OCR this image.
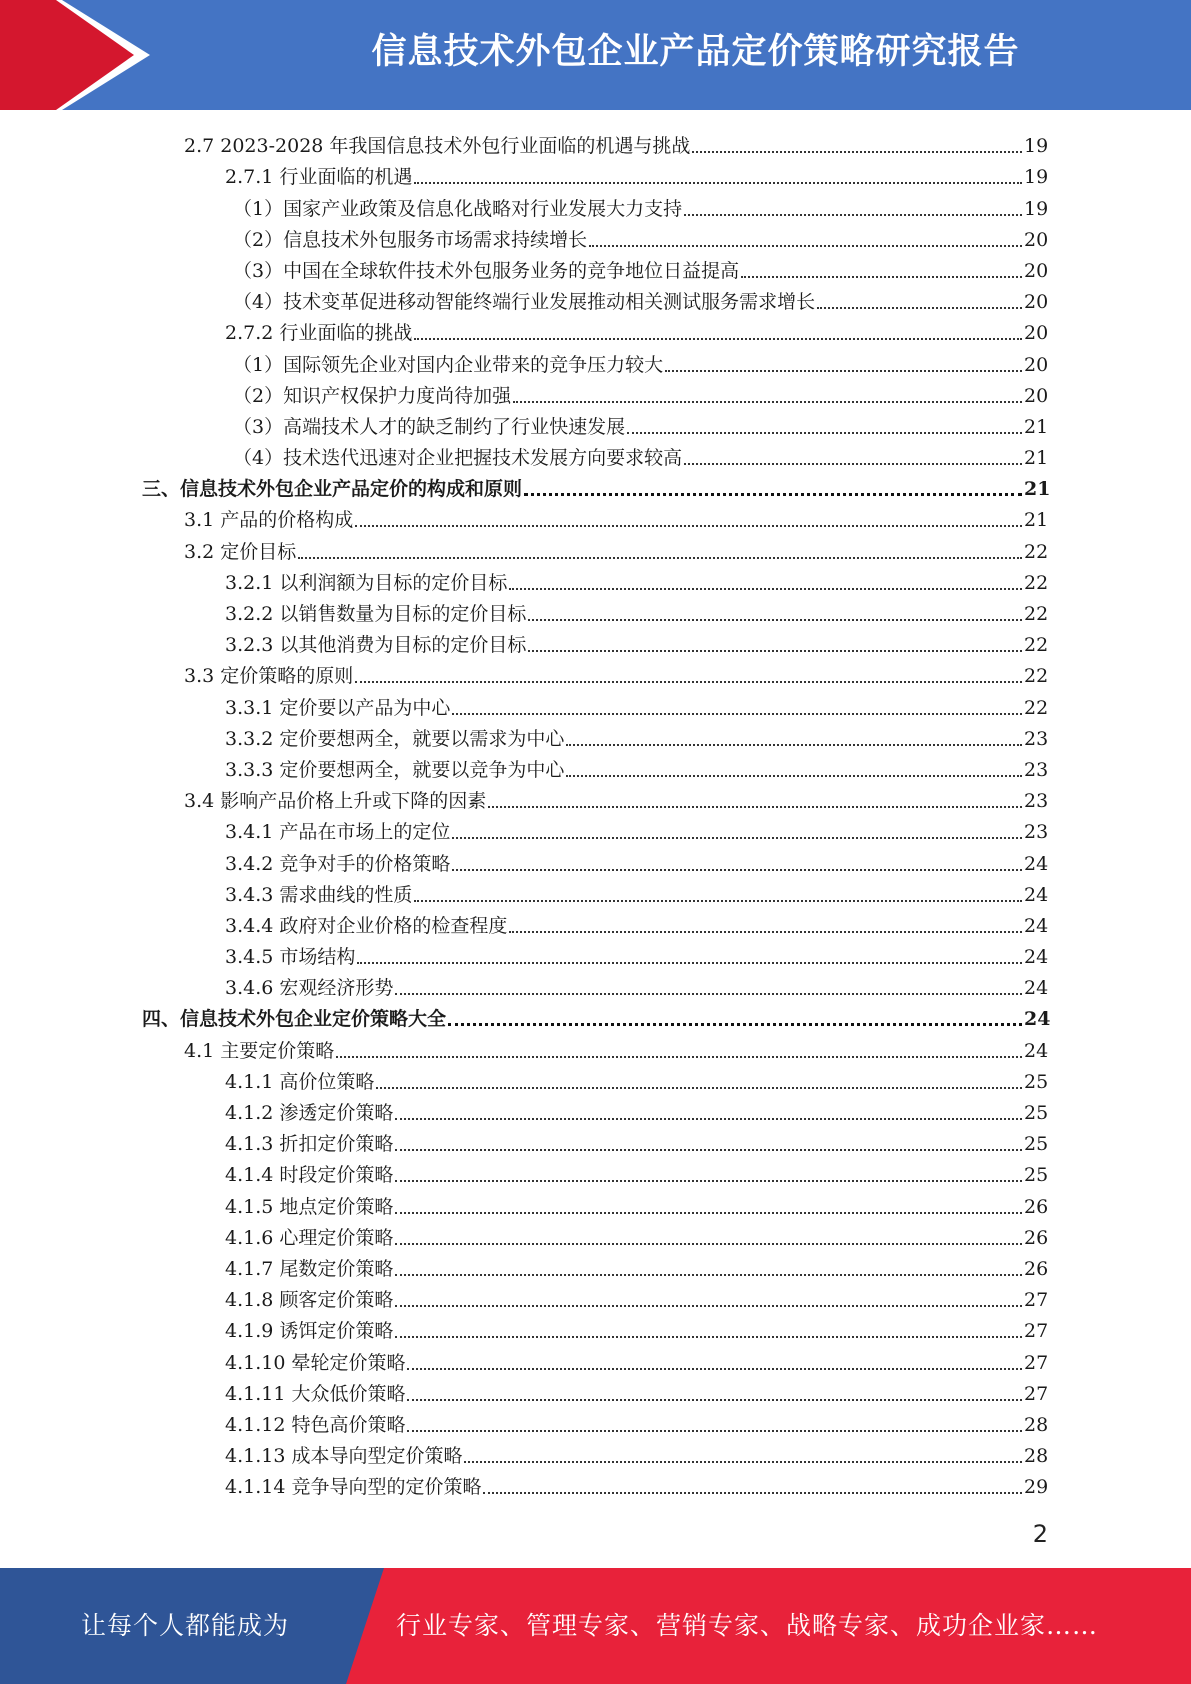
信息技术外包企业产品定价策略研究报告
2.7 2023-2028 年我国信息技术外包行业面临的机遇与挑战	19
2.7.1 行业面临的机遇	19
（1）国家产业政策及信息化战略对行业发展大力支持	19
（2）信息技术外包服务市场需求持续增长	20
（3）中国在全球软件技术外包服务业务的竞争地位日益提高	20
（4）技术变革促进移动智能终端行业发展推动相关测试服务需求增长	20
2.7.2 行业面临的挑战	20
（1）国际领先企业对国内企业带来的竞争压力较大	20
（2）知识产权保护力度尚待加强	20
（3）高端技术人才的缺乏制约了行业快速发展	21
（4）技术迭代迅速对企业把握技术发展方向要求较高	21
三、信息技术外包企业产品定价的构成和原则	21
3.1 产品的价格构成	21
3.2 定价目标	22
3.2.1 以利润额为目标的定价目标	22
3.2.2 以销售数量为目标的定价目标	22
3.2.3 以其他消费为目标的定价目标	22
3.3 定价策略的原则	22
3.3.1 定价要以产品为中心	22
3.3.2 定价要想两全，就要以需求为中心	23
3.3.3 定价要想两全，就要以竞争为中心	23
3.4 影响产品价格上升或下降的因素	23
3.4.1 产品在市场上的定位	23
3.4.2 竞争对手的价格策略	24
3.4.3 需求曲线的性质	24
3.4.4 政府对企业价格的检查程度	24
3.4.5 市场结构	24
3.4.6 宏观经济形势	24
四、信息技术外包企业定价策略大全	24
4.1 主要定价策略	24
4.1.1 高价位策略	25
4.1.2 渗透定价策略	25
4.1.3 折扣定价策略	25
4.1.4 时段定价策略	25
4.1.5 地点定价策略	26
4.1.6 心理定价策略	26
4.1.7 尾数定价策略	26
4.1.8 顾客定价策略	27
4.1.9 诱饵定价策略	27
4.1.10 晕轮定价策略	27
4.1.11 大众低价策略	27
4.1.12 特色高价策略	28
4.1.13 成本导向型定价策略	28
4.1.14 竞争导向型的定价策略	29
2
让每个人都能成为	行业专家、管理专家、营销专家、战略专家、成功企业家……
